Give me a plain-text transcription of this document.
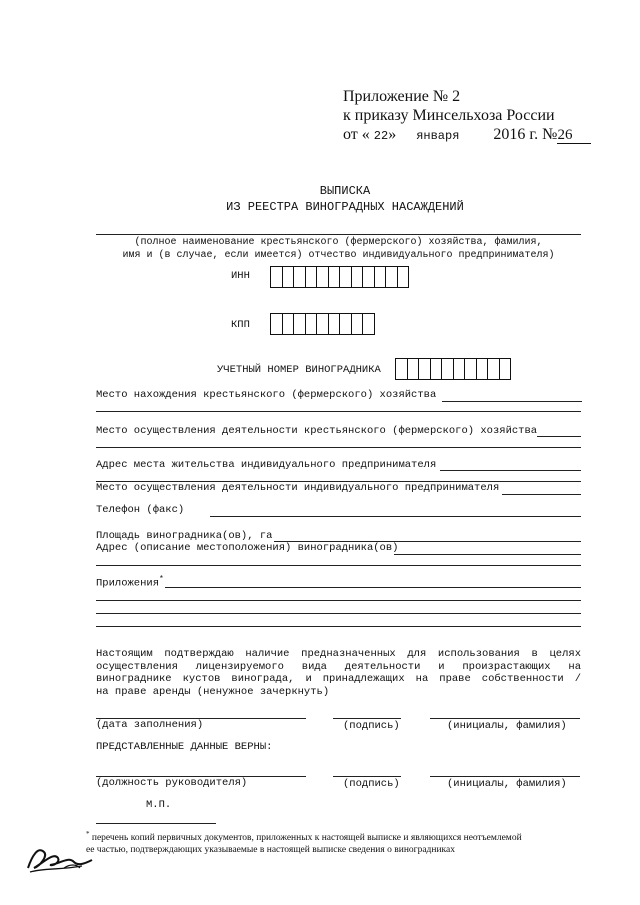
Приложение № 2
к приказу Минсельхоза России
от « 22» января 2016 г. №26
ВЫПИСКА
ИЗ РЕЕСТРА ВИНОГРАДНЫХ НАСАЖДЕНИЙ
(полное наименование крестьянского (фермерского) хозяйства, фамилия,
имя и (в случае, если имеется) отчество индивидуального предпринимателя)
ИНН
КПП
УЧЕТНЫЙ НОМЕР ВИНОГРАДНИКА
Место нахождения крестьянского (фермерского) хозяйства
Место осуществления деятельности крестьянского (фермерского) хозяйства
Адрес места жительства индивидуального предпринимателя
Место осуществления деятельности индивидуального предпринимателя
Телефон (факс)
Площадь виноградника(ов), га
Адрес (описание местоположения) виноградника(ов)
Приложения*
Настоящим подтверждаю наличие предназначенных для использования в целях
осуществления лицензируемого вида деятельности и произрастающих на
винограднике кустов винограда, и принадлежащих на праве собственности /
на праве аренды (ненужное зачеркнуть)
(дата заполнения)	(подпись)	(инициалы, фамилия)
ПРЕДСТАВЛЕННЫЕ ДАННЫЕ ВЕРНЫ:
(должность руководителя)	(подпись)	(инициалы, фамилия)
М.П.
* перечень копий первичных документов, приложенных к настоящей выписке и являющихся неотъемлемой
ее частью, подтверждающих указываемые в настоящей выписке сведения о виноградниках
